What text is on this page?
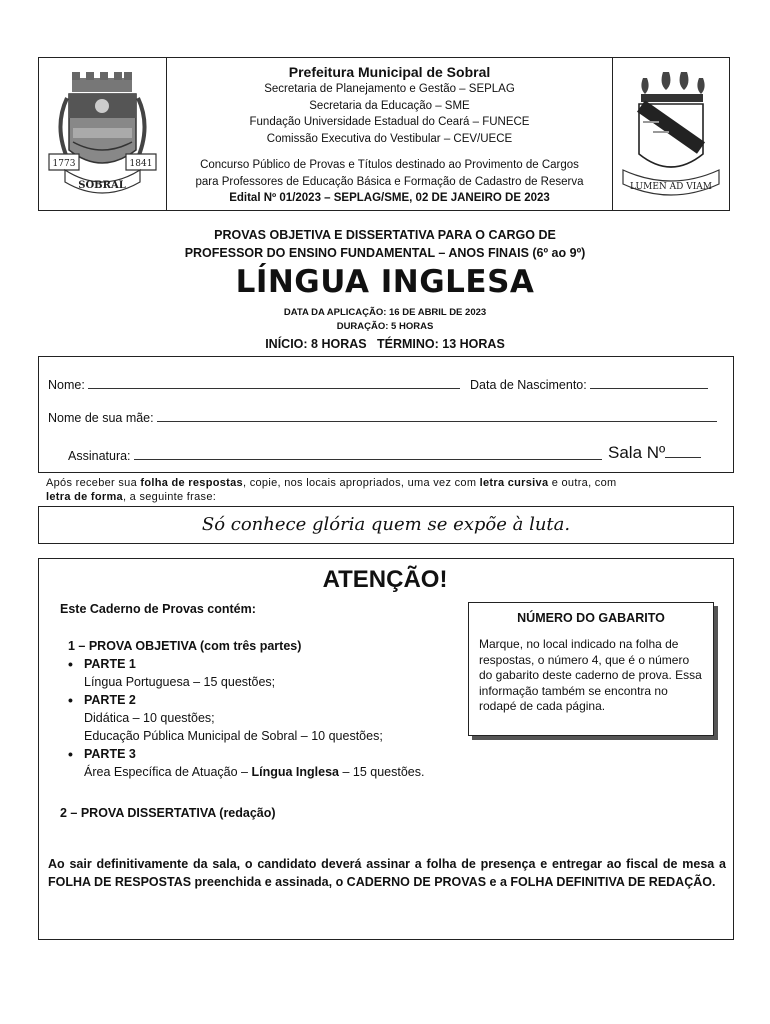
1773	1841
SOBRAL
Prefeitura Municipal de Sobral
Secretaria de Planejamento e Gestão – SEPLAG
Secretaria da Educação – SME
Fundação Universidade Estadual do Ceará – FUNECE
Comissão Executiva do Vestibular – CEV/UECE
Concurso Público de Provas e Títulos destinado ao Provimento de Cargos
para Professores de Educação Básica e Formação de Cadastro de Reserva
Edital Nº 01/2023 – SEPLAG/SME, 02 DE JANEIRO DE 2023
LUMEN AD VIAM
PROVAS OBJETIVA E DISSERTATIVA PARA O CARGO DE
PROFESSOR DO ENSINO FUNDAMENTAL – ANOS FINAIS (6º ao 9º)
LÍNGUA INGLESA
DATA DA APLICAÇÃO: 16 DE ABRIL DE 2023
DURAÇÃO: 5 HORAS
INÍCIO: 8 HORAS   TÉRMINO: 13 HORAS
Nome:	Data de Nascimento:
Nome de sua mãe:
Assinatura:	Sala Nº
Após receber sua folha de respostas, copie, nos locais apropriados, uma vez com letra cursiva e outra, com
letra de forma, a seguinte frase:
Só conhece glória quem se expõe à luta.
ATENÇÃO!
Este Caderno de Provas contém:
1 – PROVA OBJETIVA (com três partes)
• PARTE 1
Língua Portuguesa – 15 questões;
• PARTE 2
Didática – 10 questões;
Educação Pública Municipal de Sobral – 10 questões;
• PARTE 3
Área Específica de Atuação – Língua Inglesa – 15 questões.
2 – PROVA DISSERTATIVA (redação)
Ao sair definitivamente da sala, o candidato deverá assinar a folha de presença e entregar ao fiscal de mesa a FOLHA DE RESPOSTAS preenchida e assinada, o CADERNO DE PROVAS e a FOLHA DEFINITIVA DE REDAÇÃO.
NÚMERO DO GABARITO
Marque, no local indicado na folha de respostas, o número 4, que é o número do gabarito deste caderno de prova. Essa informação também se encontra no rodapé de cada página.
